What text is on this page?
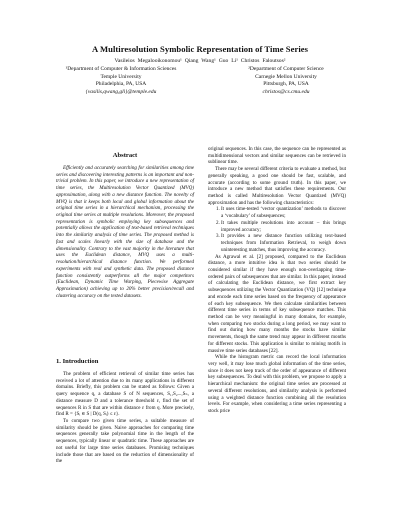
A Multiresolution Symbolic Representation of Time Series
Vasileios Megalooikonomou¹ Qiang Wang¹ Guo Li¹ Christos Faloutsos²
¹Department of Computer & Information Sciences
Temple University
Philadelphia, PA, USA
{vasilis,qwang,gli}@temple.edu
²Department of Computer Science
Carnegie Mellon University
Pittsburgh, PA, USA
christos@cs.cmu.edu
Abstract

Efficiently and accurately searching for similarities among time series and discovering interesting patterns is an important and non-trivial problem. In this paper, we introduce a new representation of time series, the Multiresolution Vector Quantized (MVQ) approximation, along with a new distance function. The novelty of MVQ is that it keeps both local and global information about the original time series in a hierarchical mechanism, processing the original time series at multiple resolutions. Moreover, the proposed representation is symbolic employing key subsequences and potentially allows the application of text-based retrieval techniques into the similarity analysis of time series. The proposed method is fast and scales linearly with the size of database and the dimensionality. Contrary to the vast majority in the literature that uses the Euclidean distance, MVQ uses a multi-resolution/hierarchical distance function. We performed experiments with real and synthetic data. The proposed distance function consistently outperforms all the major competitors (Euclidean, Dynamic Time Warping, Piecewise Aggregate Approximation) achieving up to 20% better precision/recall and clustering accuracy on the tested datasets.

1. Introduction

The problem of efficient retrieval of similar time series has received a lot of attention due to its many applications in different domains. Briefly, this problem can be stated as follows: Given a query sequence q, a database S of N sequences, S₁,S₂...,Sₙ, a distance measure D and a tolerance threshold ε, find the set of sequences R in S that are within distance ε from q. More precisely, find R = {Sᵢ ∈ S | D(q, Sᵢ) ≤ ε}.

To compare two given time series, a suitable measure of similarity should be given. Naive approaches for comparing time sequences generally take polynomial time in the length of the sequences, typically linear or quadratic time. These approaches are not useful for large time series databases. Promising techniques include those that are based on the reduction of dimensionality of the

original sequences. In this case, the sequence can be represented as multidimensional vectors and similar sequences can be retrieved in sublinear time.

There may be several different criteria to evaluate a method, but generally speaking, a good one should be fast, scalable, and accurate (according to some ground truth). In this paper, we introduce a new method that satisfies these requirements. Our method is called Multiresolution Vector Quantized (MVQ) approximation and has the following characteristics:

1. It uses time-tested ‘vector quantization’ methods to discover a ‘vocabulary’ of subsequences;
2. It takes multiple resolutions into account – this brings improved accuracy;
3. It provides a new distance function utilizing text-based techniques from Information Retrieval, to weigh down uninteresting matches, thus improving the accuracy.

As Agrawal et al. [2] proposed, compared to the Euclidean distance, a more intuitive idea is that two series should be considered similar if they have enough non-overlapping time-ordered pairs of subsequences that are similar. In this paper, instead of calculating the Euclidean distance, we first extract key subsequences utilizing the Vector Quantization (VQ) [12] technique and encode each time series based on the frequency of appearance of each key subsequence. We then calculate similarities between different time series in terms of key subsequence matches. This method can be very meaningful in many domains, for example, when comparing two stocks during a long period, we may want to find out during how many months the stocks have similar movements, though the same trend may appear in different months for different stocks. This application is similar to mining motifs in massive time series databases [22].

While the histogram metric can record the local information very well, it may lose much global information of the time series, since it does not keep track of the order of appearance of different key subsequences. To deal with this problem, we propose to apply a hierarchical mechanism: the original time series are processed at several different resolutions, and similarity analysis is performed using a weighted distance function combining all the resolution levels. For example, when considering a time series representing a stock price
